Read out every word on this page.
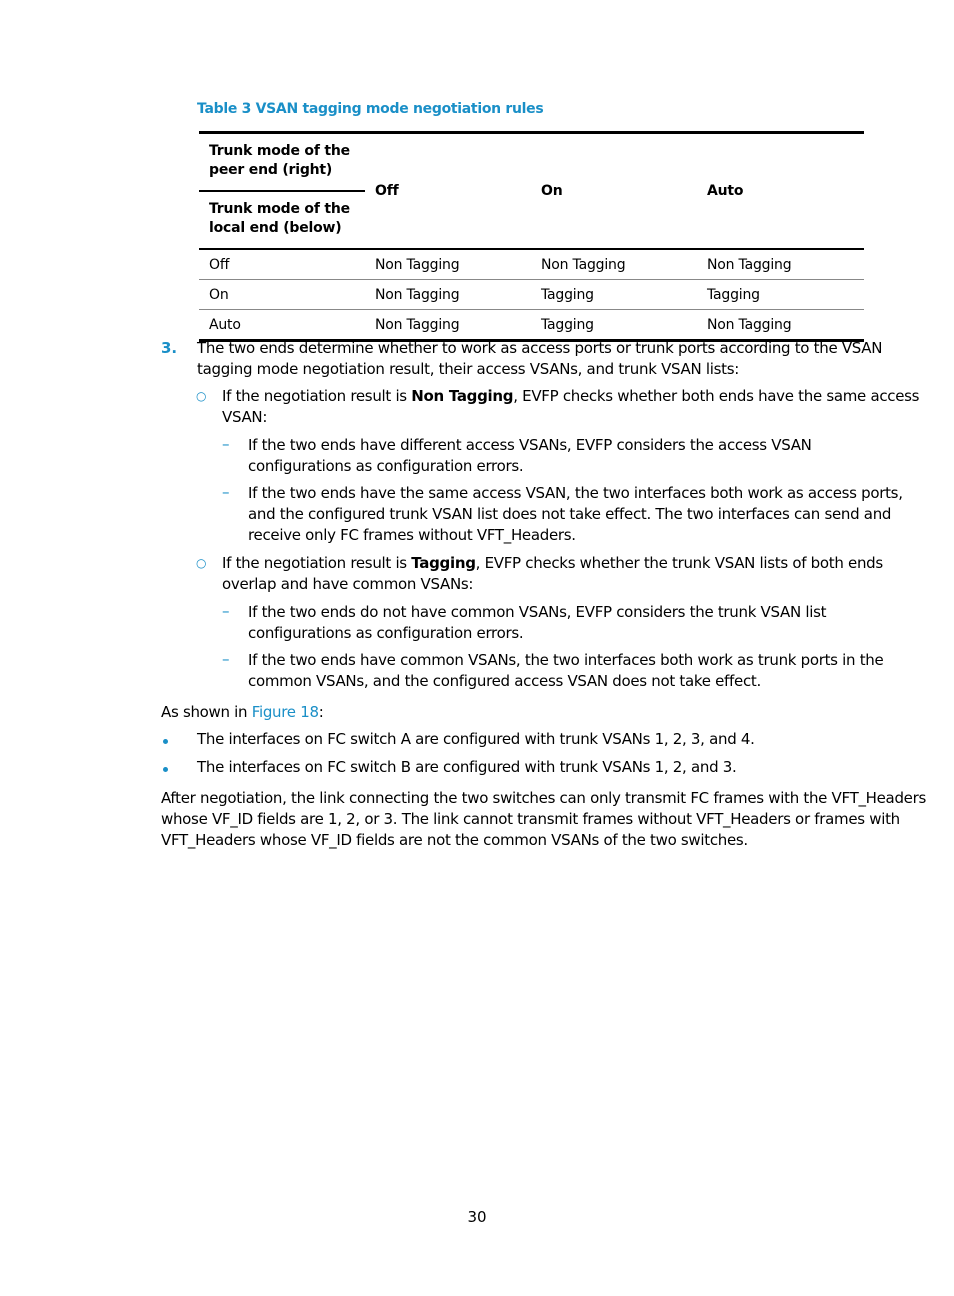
Table 3 VSAN tagging mode negotiation rules
Trunk mode of the peer end (right)	Off	On	Auto
Trunk mode of the local end (below)			
Off	Non Tagging	Non Tagging	Non Tagging
On	Non Tagging	Tagging	Tagging
Auto	Non Tagging	Tagging	Non Tagging
3. The two ends determine whether to work as access ports or trunk ports according to the VSAN
tagging mode negotiation result, their access VSANs, and trunk VSAN lists:
○ If the negotiation result is Non Tagging, EVFP checks whether both ends have the same access
VSAN:
– If the two ends have different access VSANs, EVFP considers the access VSAN
configurations as configuration errors.
– If the two ends have the same access VSAN, the two interfaces both work as access ports,
and the configured trunk VSAN list does not take effect. The two interfaces can send and
receive only FC frames without VFT_Headers.
○ If the negotiation result is Tagging, EVFP checks whether the trunk VSAN lists of both ends
overlap and have common VSANs:
– If the two ends do not have common VSANs, EVFP considers the trunk VSAN list
configurations as configuration errors.
– If the two ends have common VSANs, the two interfaces both work as trunk ports in the
common VSANs, and the configured access VSAN does not take effect.
As shown in Figure 18:
The interfaces on FC switch A are configured with trunk VSANs 1, 2, 3, and 4.
The interfaces on FC switch B are configured with trunk VSANs 1, 2, and 3.
After negotiation, the link connecting the two switches can only transmit FC frames with the VFT_Headers
whose VF_ID fields are 1, 2, or 3. The link cannot transmit frames without VFT_Headers or frames with
VFT_Headers whose VF_ID fields are not the common VSANs of the two switches.
30
